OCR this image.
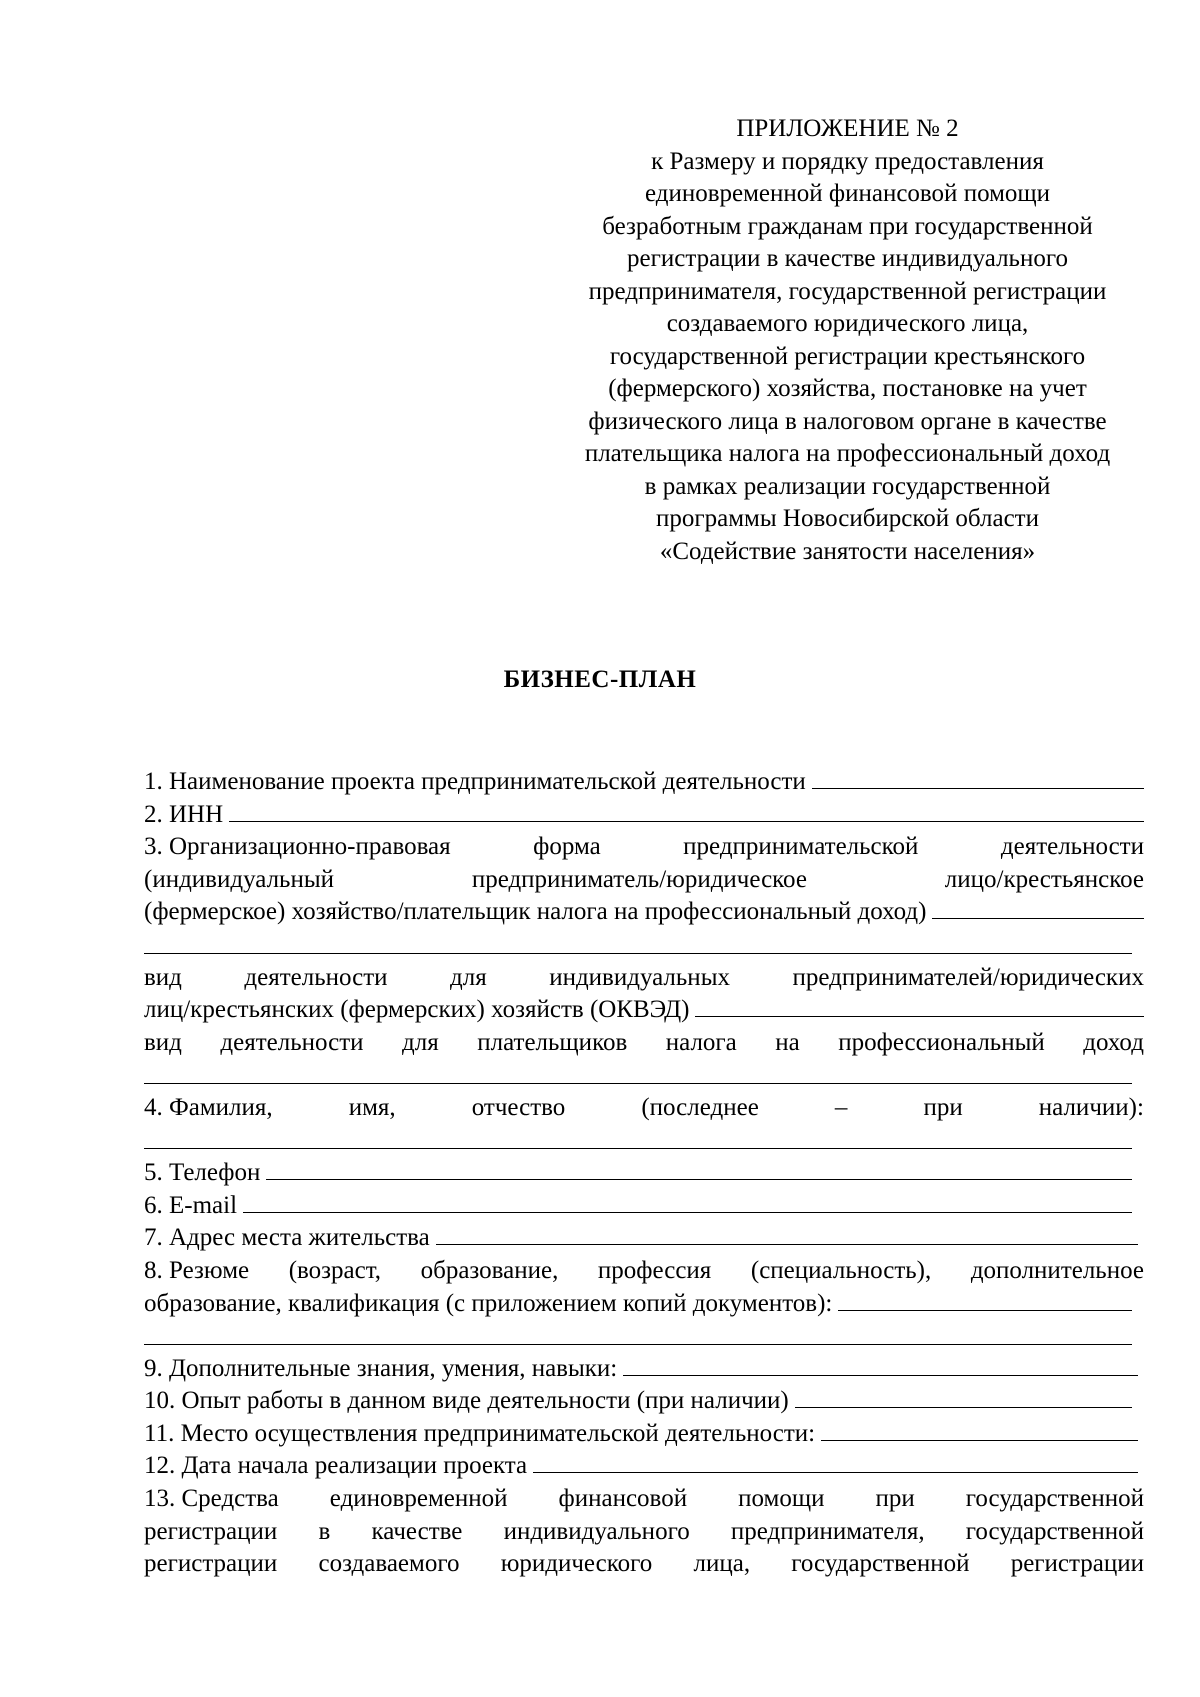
ПРИЛОЖЕНИЕ № 2
к Размеру и порядку предоставления
единовременной финансовой помощи
безработным гражданам при государственной
регистрации в качестве индивидуального
предпринимателя, государственной регистрации
создаваемого юридического лица,
государственной регистрации крестьянского
(фермерского) хозяйства, постановке на учет
физического лица в налоговом органе в качестве
плательщика налога на профессиональный доход
в рамках реализации государственной
программы Новосибирской области
«Содействие занятости населения»
БИЗНЕС-ПЛАН
1. Наименование проекта предпринимательской деятельности
2. ИНН
3. Организационно-правовая	форма	предпринимательской	деятельности
(индивидуальный	предприниматель/юридическое	лицо/крестьянское
(фермерское) хозяйство/плательщик налога на профессиональный доход)
вид деятельности для индивидуальных предпринимателей/юридических
лиц/крестьянских (фермерских) хозяйств (ОКВЭД)
вид деятельности для плательщиков налога на профессиональный доход
4. Фамилия,	имя,	отчество	(последнее	–	при	наличии):
5. Телефон
6. E-mail
7. Адрес места жительства
8. Резюме (возраст, образование, профессия (специальность), дополнительное
образование, квалификация (с приложением копий документов):
9. Дополнительные знания, умения, навыки:
10. Опыт работы в данном виде деятельности (при наличии)
11. Место осуществления предпринимательской деятельности:
12. Дата начала реализации проекта
13. Средства единовременной финансовой помощи при государственной
регистрации в качестве индивидуального предпринимателя, государственной
регистрации создаваемого юридического лица, государственной регистрации
